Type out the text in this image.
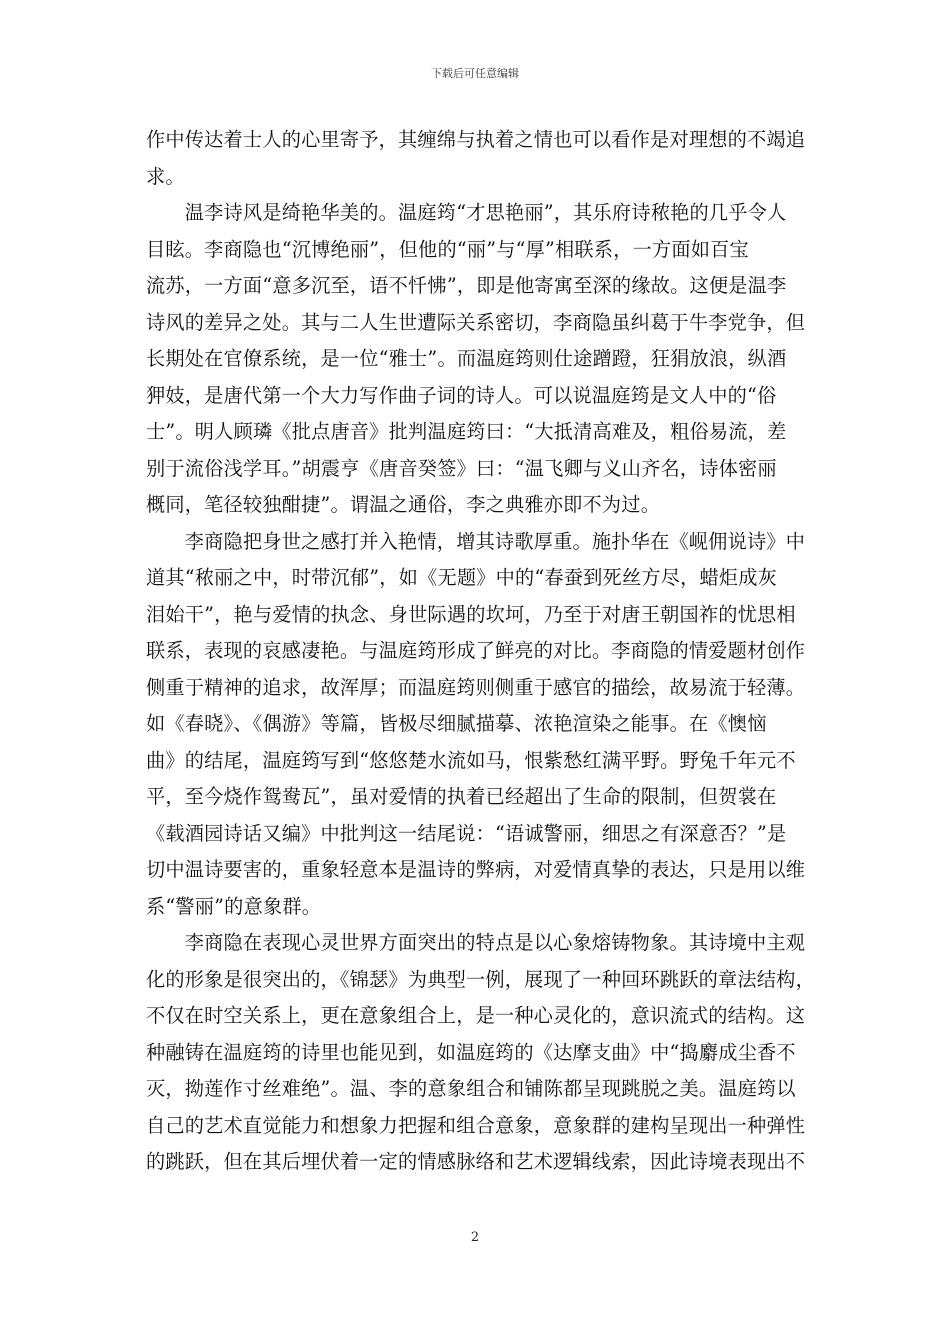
下载后可任意编辑
作中传达着士人的心里寄予，其缠绵与执着之情也可以看作是对理想的不竭追
求。
　　温李诗风是绮艳华美的。温庭筠“才思艳丽”，其乐府诗秾艳的几乎令人
目眩。李商隐也“沉博绝丽”，但他的“丽”与“厚”相联系，一方面如百宝
流苏，一方面“意多沉至，语不忏怫”，即是他寄寓至深的缘故。这便是温李
诗风的差异之处。其与二人生世遭际关系密切，李商隐虽纠葛于牛李党争，但
长期处在官僚系统，是一位“雅士”。而温庭筠则仕途蹭蹬，狂狷放浪，纵酒
狎妓，是唐代第一个大力写作曲子词的诗人。可以说温庭筠是文人中的“俗
士”。明人顾璘《批点唐音》批判温庭筠曰：“大抵清高难及，粗俗易流，差
别于流俗浅学耳。”胡震亨《唐音癸签》曰：“温飞卿与义山齐名，诗体密丽
概同，笔径较独酣捷”。谓温之通俗，李之典雅亦即不为过。
　　李商隐把身世之感打并入艳情，增其诗歌厚重。施扑华在《岘佣说诗》中
道其“秾丽之中，时带沉郁”，如《无题》中的“春蚕到死丝方尽，蜡炬成灰
泪始干”，艳与爱情的执念、身世际遇的坎坷，乃至于对唐王朝国祚的忧思相
联系，表现的哀感凄艳。与温庭筠形成了鲜亮的对比。李商隐的情爱题材创作
侧重于精神的追求，故浑厚；而温庭筠则侧重于感官的描绘，故易流于轻薄。
如《春晓》、《偶游》等篇，皆极尽细腻描摹、浓艳渲染之能事。在《懊恼
曲》的结尾，温庭筠写到“悠悠楚水流如马，恨紫愁红满平野。野兔千年元不
平，至今烧作鸳鸯瓦”，虽对爱情的执着已经超出了生命的限制，但贺裳在
《载酒园诗话又编》中批判这一结尾说：“语诚警丽，细思之有深意否？”是
切中温诗要害的，重象轻意本是温诗的弊病，对爱情真挚的表达，只是用以维
系“警丽”的意象群。
　　李商隐在表现心灵世界方面突出的特点是以心象熔铸物象。其诗境中主观
化的形象是很突出的，《锦瑟》为典型一例，展现了一种回环跳跃的章法结构，
不仅在时空关系上，更在意象组合上，是一种心灵化的，意识流式的结构。这
种融铸在温庭筠的诗里也能见到，如温庭筠的《达摩支曲》中“捣麝成尘香不
灭，拗莲作寸丝难绝”。温、李的意象组合和铺陈都呈现跳脱之美。温庭筠以
自己的艺术直觉能力和想象力把握和组合意象，意象群的建构呈现出一种弹性
的跳跃，但在其后埋伏着一定的情感脉络和艺术逻辑线索，因此诗境表现出不
2
